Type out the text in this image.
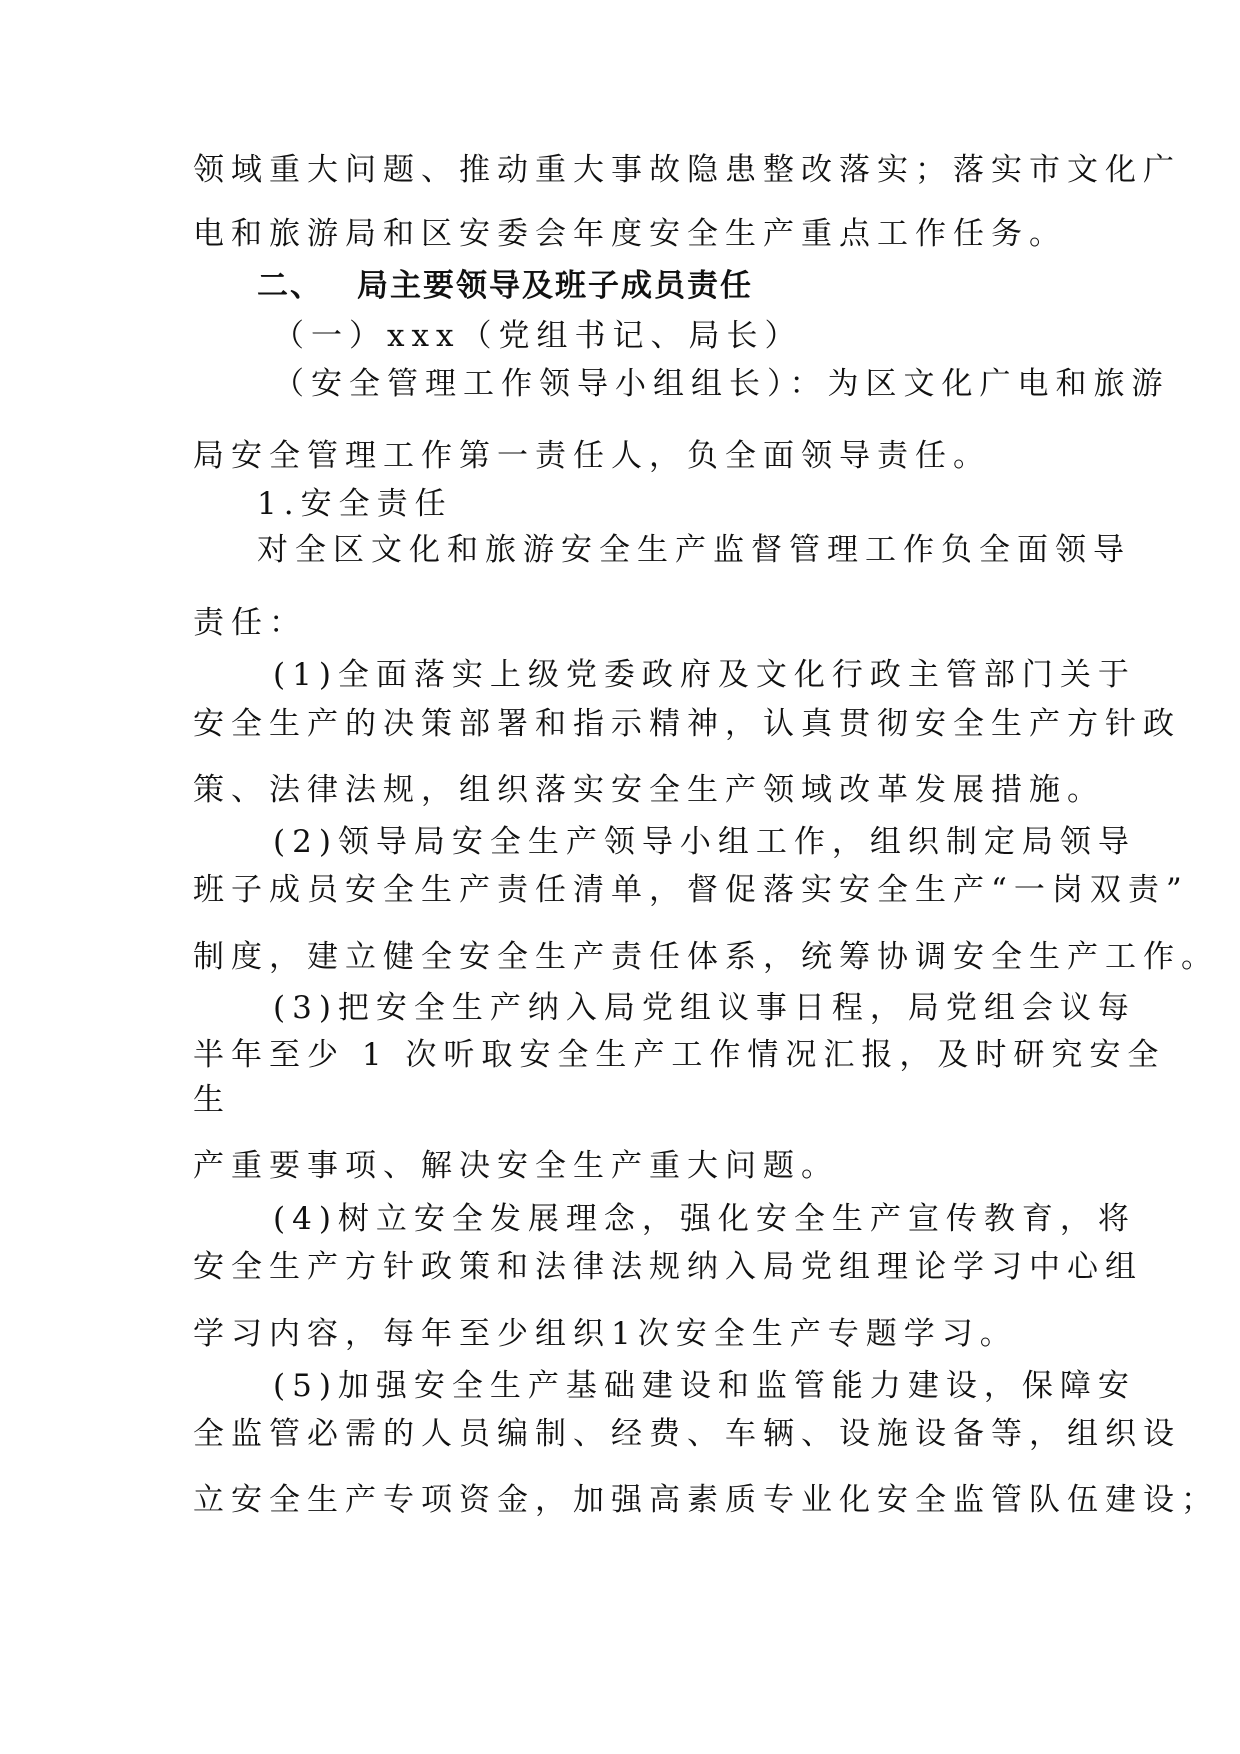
领域重大问题、推动重大事故隐患整改落实；落实市文化广

电和旅游局和区安委会年度安全生产重点工作任务。

二、 局主要领导及班子成员责任

（一）xxx（党组书记、局长）

（安全管理工作领导小组组长）：为区文化广电和旅游

局安全管理工作第一责任人，负全面领导责任。

1.安全责任

对全区文化和旅游安全生产监督管理工作负全面领导

责任：

(1)全面落实上级党委政府及文化行政主管部门关于

安全生产的决策部署和指示精神，认真贯彻安全生产方针政

策、法律法规，组织落实安全生产领域改革发展措施。

(2)领导局安全生产领导小组工作，组织制定局领导

班子成员安全生产责任清单，督促落实安全生产“一岗双责”

制度，建立健全安全生产责任体系，统筹协调安全生产工作。

(3)把安全生产纳入局党组议事日程，局党组会议每

半年至少 1 次听取安全生产工作情况汇报，及时研究安全

生

产重要事项、解决安全生产重大问题。

(4)树立安全发展理念，强化安全生产宣传教育，将

安全生产方针政策和法律法规纳入局党组理论学习中心组

学习内容，每年至少组织1次安全生产专题学习。

(5)加强安全生产基础建设和监管能力建设，保障安

全监管必需的人员编制、经费、车辆、设施设备等，组织设

立安全生产专项资金，加强高素质专业化安全监管队伍建设；
